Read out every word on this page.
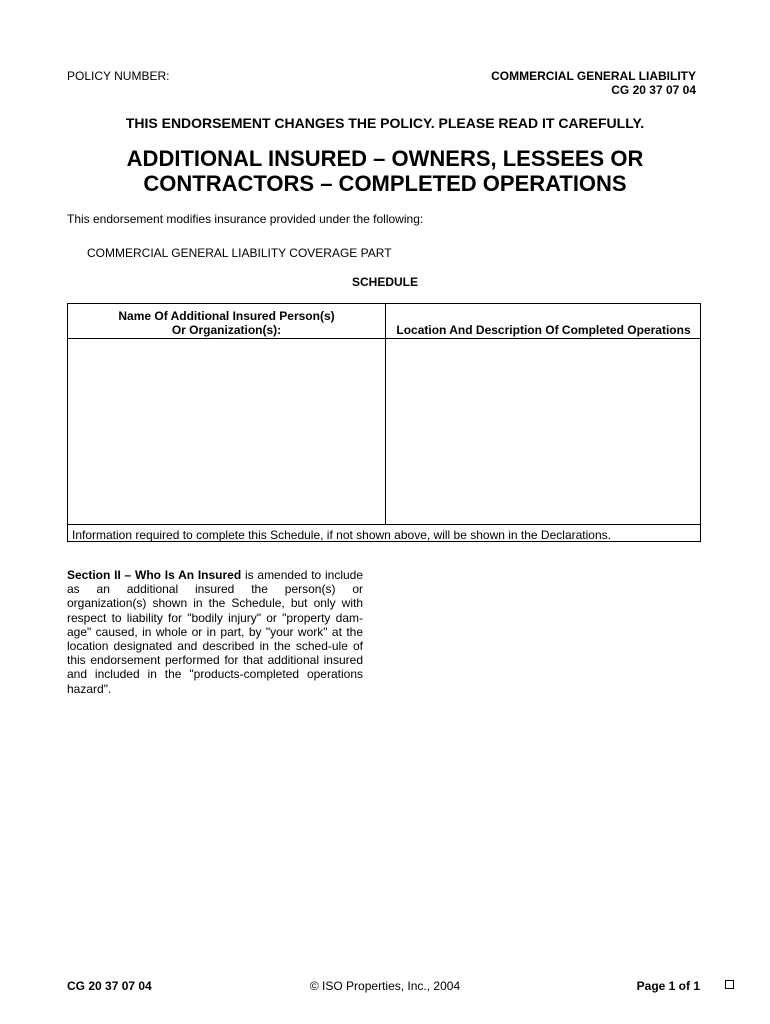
POLICY NUMBER:	COMMERCIAL GENERAL LIABILITY
CG 20 37 07 04
THIS ENDORSEMENT CHANGES THE POLICY. PLEASE READ IT CAREFULLY.
ADDITIONAL INSURED – OWNERS, LESSEES OR
CONTRACTORS – COMPLETED OPERATIONS
This endorsement modifies insurance provided under the following:
COMMERCIAL GENERAL LIABILITY COVERAGE PART
SCHEDULE
Name Of Additional Insured Person(s)
Or Organization(s):	Location And Description Of Completed Operations
Information required to complete this Schedule, if not shown above, will be shown in the Declarations.
Section II – Who Is An Insured is amended to include as an additional insured the person(s) or organization(s) shown in the Schedule, but only with respect to liability for "bodily injury" or "property dam-age" caused, in whole or in part, by "your work" at the location designated and described in the sched-ule of this endorsement performed for that additional insured and included in the "products-completed operations hazard".
CG 20 37 07 04	© ISO Properties, Inc., 2004	Page 1 of 1
